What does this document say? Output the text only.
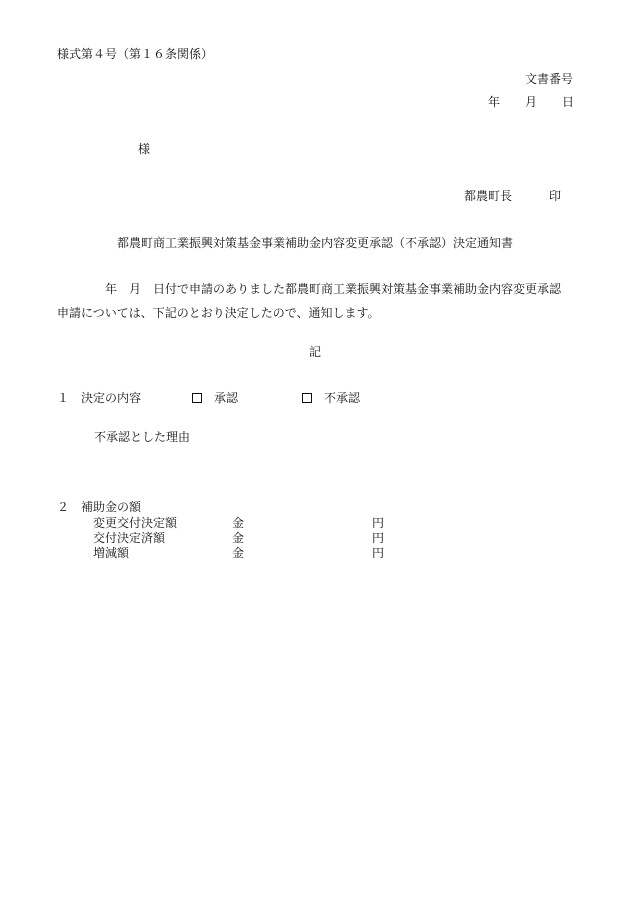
様式第４号（第１６条関係）
文書番号
年 月 日
様
都農町長	印
都農町商工業振興対策基金事業補助金内容変更承認（不承認）決定通知書
年　月　日付で申請のありました都農町商工業振興対策基金事業補助金内容変更承認
申請については、下記のとおり決定したので、通知します。
記
１ 決定の内容	承認	不承認
不承認とした理由
２ 補助金の額
変更交付決定額	金	円
交付決定済額	金	円
増減額	金	円
